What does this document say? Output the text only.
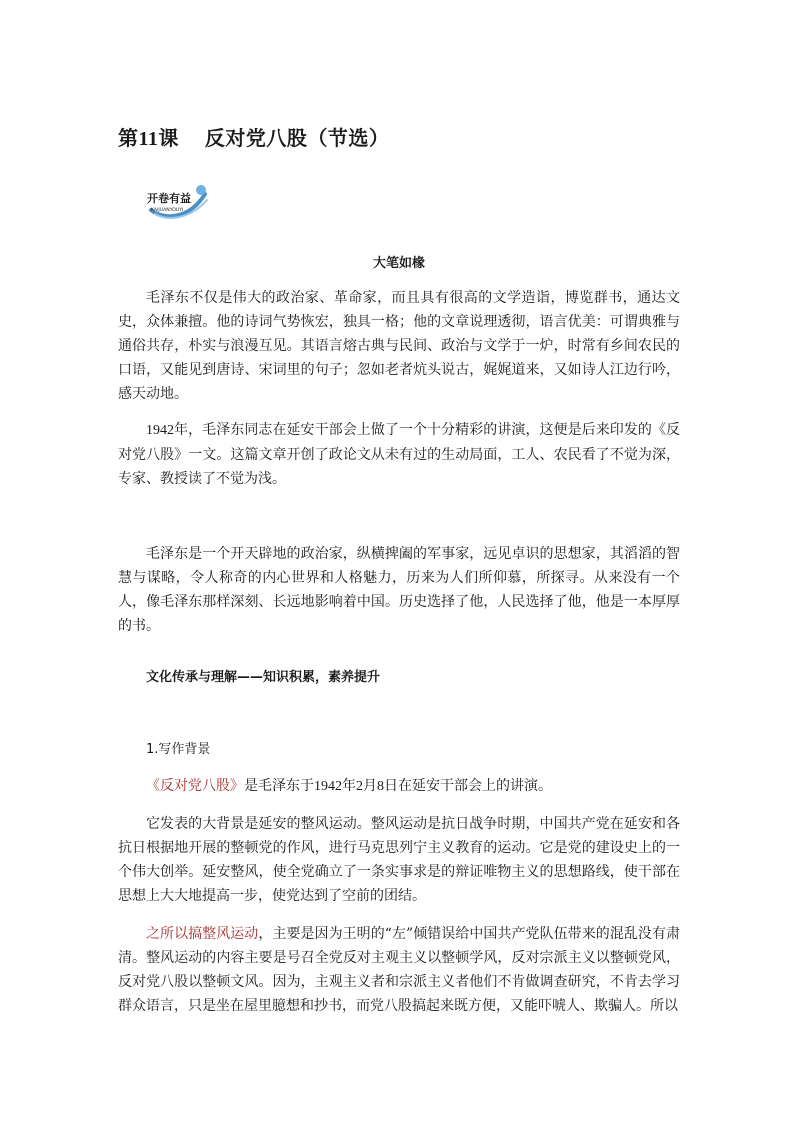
第11课 反对党八股（节选）
开卷有益
KAIJUANYOUYI
大笔如椽

毛泽东不仅是伟大的政治家、革命家，而且具有很高的文学造诣，博览群书，通达文史，众体兼擅。他的诗词气势恢宏，独具一格；他的文章说理透彻，语言优美：可谓典雅与通俗共存，朴实与浪漫互见。其语言熔古典与民间、政治与文学于一炉，时常有乡间农民的口语，又能见到唐诗、宋词里的句子；忽如老者炕头说古，娓娓道来，又如诗人江边行吟，感天动地。

1942年，毛泽东同志在延安干部会上做了一个十分精彩的讲演，这便是后来印发的《反对党八股》一文。这篇文章开创了政论文从未有过的生动局面，工人、农民看了不觉为深，专家、教授读了不觉为浅。

毛泽东是一个开天辟地的政治家，纵横捭阖的军事家，远见卓识的思想家，其滔滔的智慧与谋略，令人称奇的内心世界和人格魅力，历来为人们所仰慕，所探寻。从来没有一个人，像毛泽东那样深刻、长远地影响着中国。历史选择了他，人民选择了他，他是一本厚厚的书。

文化传承与理解——知识积累，素养提升
1.写作背景

《反对党八股》是毛泽东于1942年2月8日在延安干部会上的讲演。

它发表的大背景是延安的整风运动。整风运动是抗日战争时期，中国共产党在延安和各抗日根据地开展的整顿党的作风，进行马克思列宁主义教育的运动。它是党的建设史上的一个伟大创举。延安整风，使全党确立了一条实事求是的辩证唯物主义的思想路线，使干部在思想上大大地提高一步，使党达到了空前的团结。

之所以搞整风运动，主要是因为王明的“左”倾错误给中国共产党队伍带来的混乱没有肃清。整风运动的内容主要是号召全党反对主观主义以整顿学风，反对宗派主义以整顿党风，反对党八股以整顿文风。因为，主观主义者和宗派主义者他们不肯做调查研究，不肯去学习群众语言，只是坐在屋里臆想和抄书，而党八股搞起来既方便，又能吓唬人、欺骗人。所以
